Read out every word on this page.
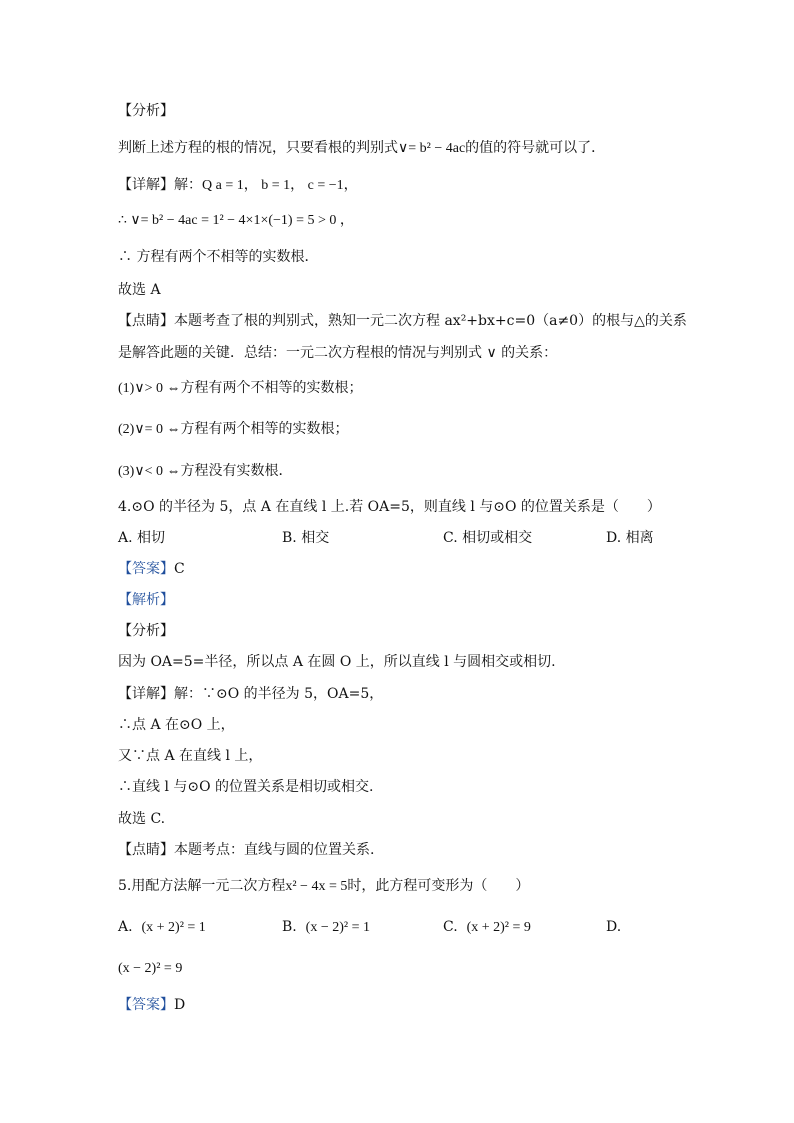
【分析】
判断上述方程的根的情况，只要看根的判别式∨= b² − 4ac的值的符号就可以了．
【详解】解：Q a = 1， b = 1， c = −1，
∴ ∨= b² − 4ac = 1² − 4×1×(−1) = 5 > 0 ，
∴ 方程有两个不相等的实数根．
故选 A
【点睛】本题考查了根的判别式，熟知一元二次方程 ax²+bx+c=0（a≠0）的根与△的关系
是解答此题的关键．总结：一元二次方程根的情况与判别式 ∨ 的关系：
(1)∨> 0 ⇔方程有两个不相等的实数根；
(2)∨= 0 ⇔方程有两个相等的实数根；
(3)∨< 0 ⇔方程没有实数根．
4.⊙O 的半径为 5，点 A 在直线 l 上.若 OA=5，则直线 l 与⊙O 的位置关系是（　　）
A. 相切	B. 相交	C. 相切或相交	D. 相离
【答案】C
【解析】
【分析】
因为 OA=5=半径，所以点 A 在圆 O 上，所以直线 l 与圆相交或相切.
【详解】解：∵⊙O 的半径为 5，OA=5，
∴点 A 在⊙O 上，
又∵点 A 在直线 l 上，
∴直线 l 与⊙O 的位置关系是相切或相交.
故选 C.
【点睛】本题考点：直线与圆的位置关系.
5.用配方法解一元二次方程x² − 4x = 5时，此方程可变形为（　　）
A. (x + 2)² = 1	B. (x − 2)² = 1	C. (x + 2)² = 9	D.
(x − 2)² = 9
【答案】D
